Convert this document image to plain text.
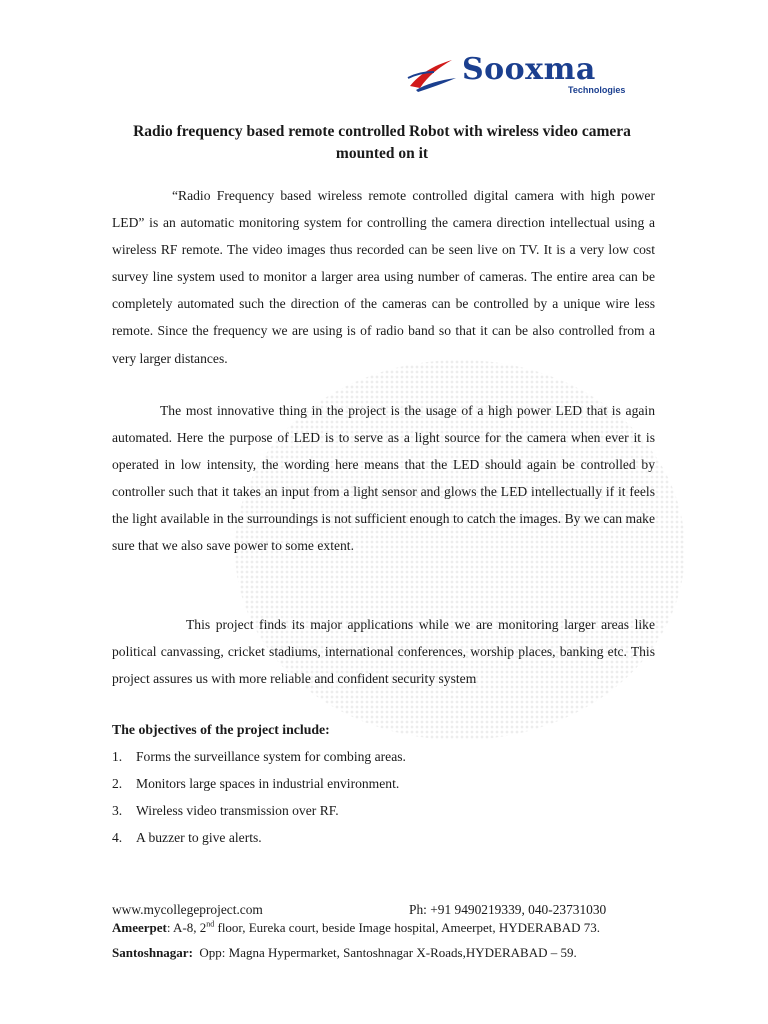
Sooxma
Technologies
Radio frequency based remote controlled Robot with wireless video camera mounted on it

“Radio Frequency based wireless remote controlled digital camera with high power LED” is an automatic monitoring system for controlling the camera direction intellectual using a wireless RF remote. The video images thus recorded can be seen live on TV. It is a very low cost survey line system used to monitor a larger area using number of cameras. The entire area can be completely automated such the direction of the cameras can be controlled by a unique wire less remote. Since the frequency we are using is of radio band so that it can be also controlled from a very larger distances.

The most innovative thing in the project is the usage of a high power LED that is again automated. Here the purpose of LED is to serve as a light source for the camera when ever it is operated in low intensity, the wording here means that the LED should again be controlled by controller such that it takes an input from a light sensor and glows the LED intellectually if it feels the light available in the surroundings is not sufficient enough to catch the images. By we can make sure that we also save power to some extent.

This project finds its major applications while we are monitoring larger areas like political canvassing, cricket stadiums, international conferences, worship places, banking etc. This project assures us with more reliable and confident security system

The objectives of the project include:
1. Forms the surveillance system for combing areas.
2. Monitors large spaces in industrial environment.
3. Wireless video transmission over RF.
4. A buzzer to give alerts.
www.mycollegeproject.com	Ph: +91 9490219339, 040-23731030
Ameerpet: A-8, 2nd floor, Eureka court, beside Image hospital, Ameerpet, HYDERABAD 73.
Santoshnagar:  Opp: Magna Hypermarket, Santoshnagar X-Roads,HYDERABAD – 59.
